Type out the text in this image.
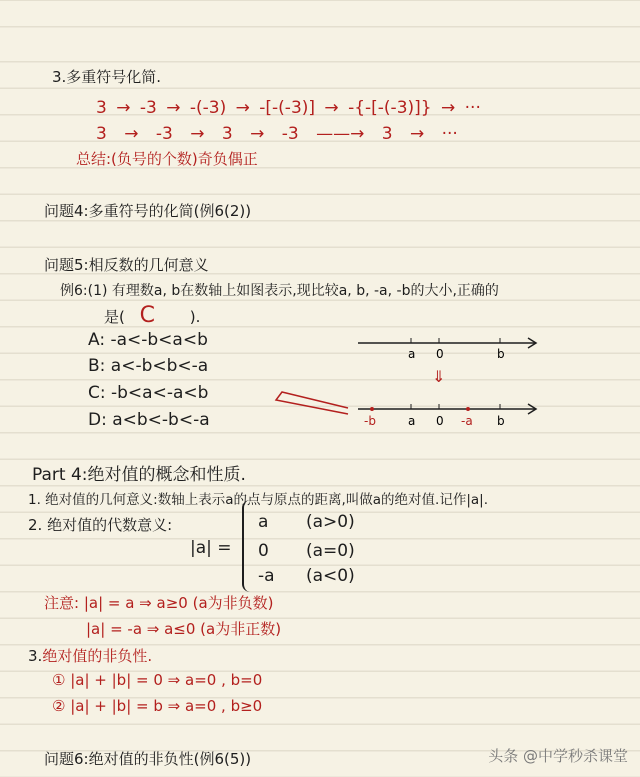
3.多重符号化简.
3 → -3 → -(-3) → -[-(-3)] → -{-[-(-3)]} → ···
3 → -3 → 3 → -3 ——→ 3 → ···
总结:(负号的个数)奇负偶正
问题4:多重符号的化简(例6(2))
问题5:相反数的几何意义
例6:(1) 有理数a, b在数轴上如图表示,现比较a, b, -a, -b的大小,正确的
是( C ).
A: -a<-b<a<b
B: a<-b<b<-a
C: -b<a<-a<b
D: a<b<-b<-a
a 0	b
⇓
-b	a 0 -a b
Part 4:绝对值的概念和性质.
1. 绝对值的几何意义:数轴上表示a的点与原点的距离,叫做a的绝对值.记作|a|.
2. 绝对值的代数意义:
|a| =
a (a>0)
0 (a=0)
-a (a<0)
注意: |a| = a ⇒ a≥0 (a为非负数)
|a| = -a ⇒ a≤0 (a为非正数)
3.绝对值的非负性.
① |a| + |b| = 0 ⇒ a=0 , b=0
② |a| + |b| = b ⇒ a=0 , b≥0
问题6:绝对值的非负性(例6(5))	头条 @中学秒杀课堂
